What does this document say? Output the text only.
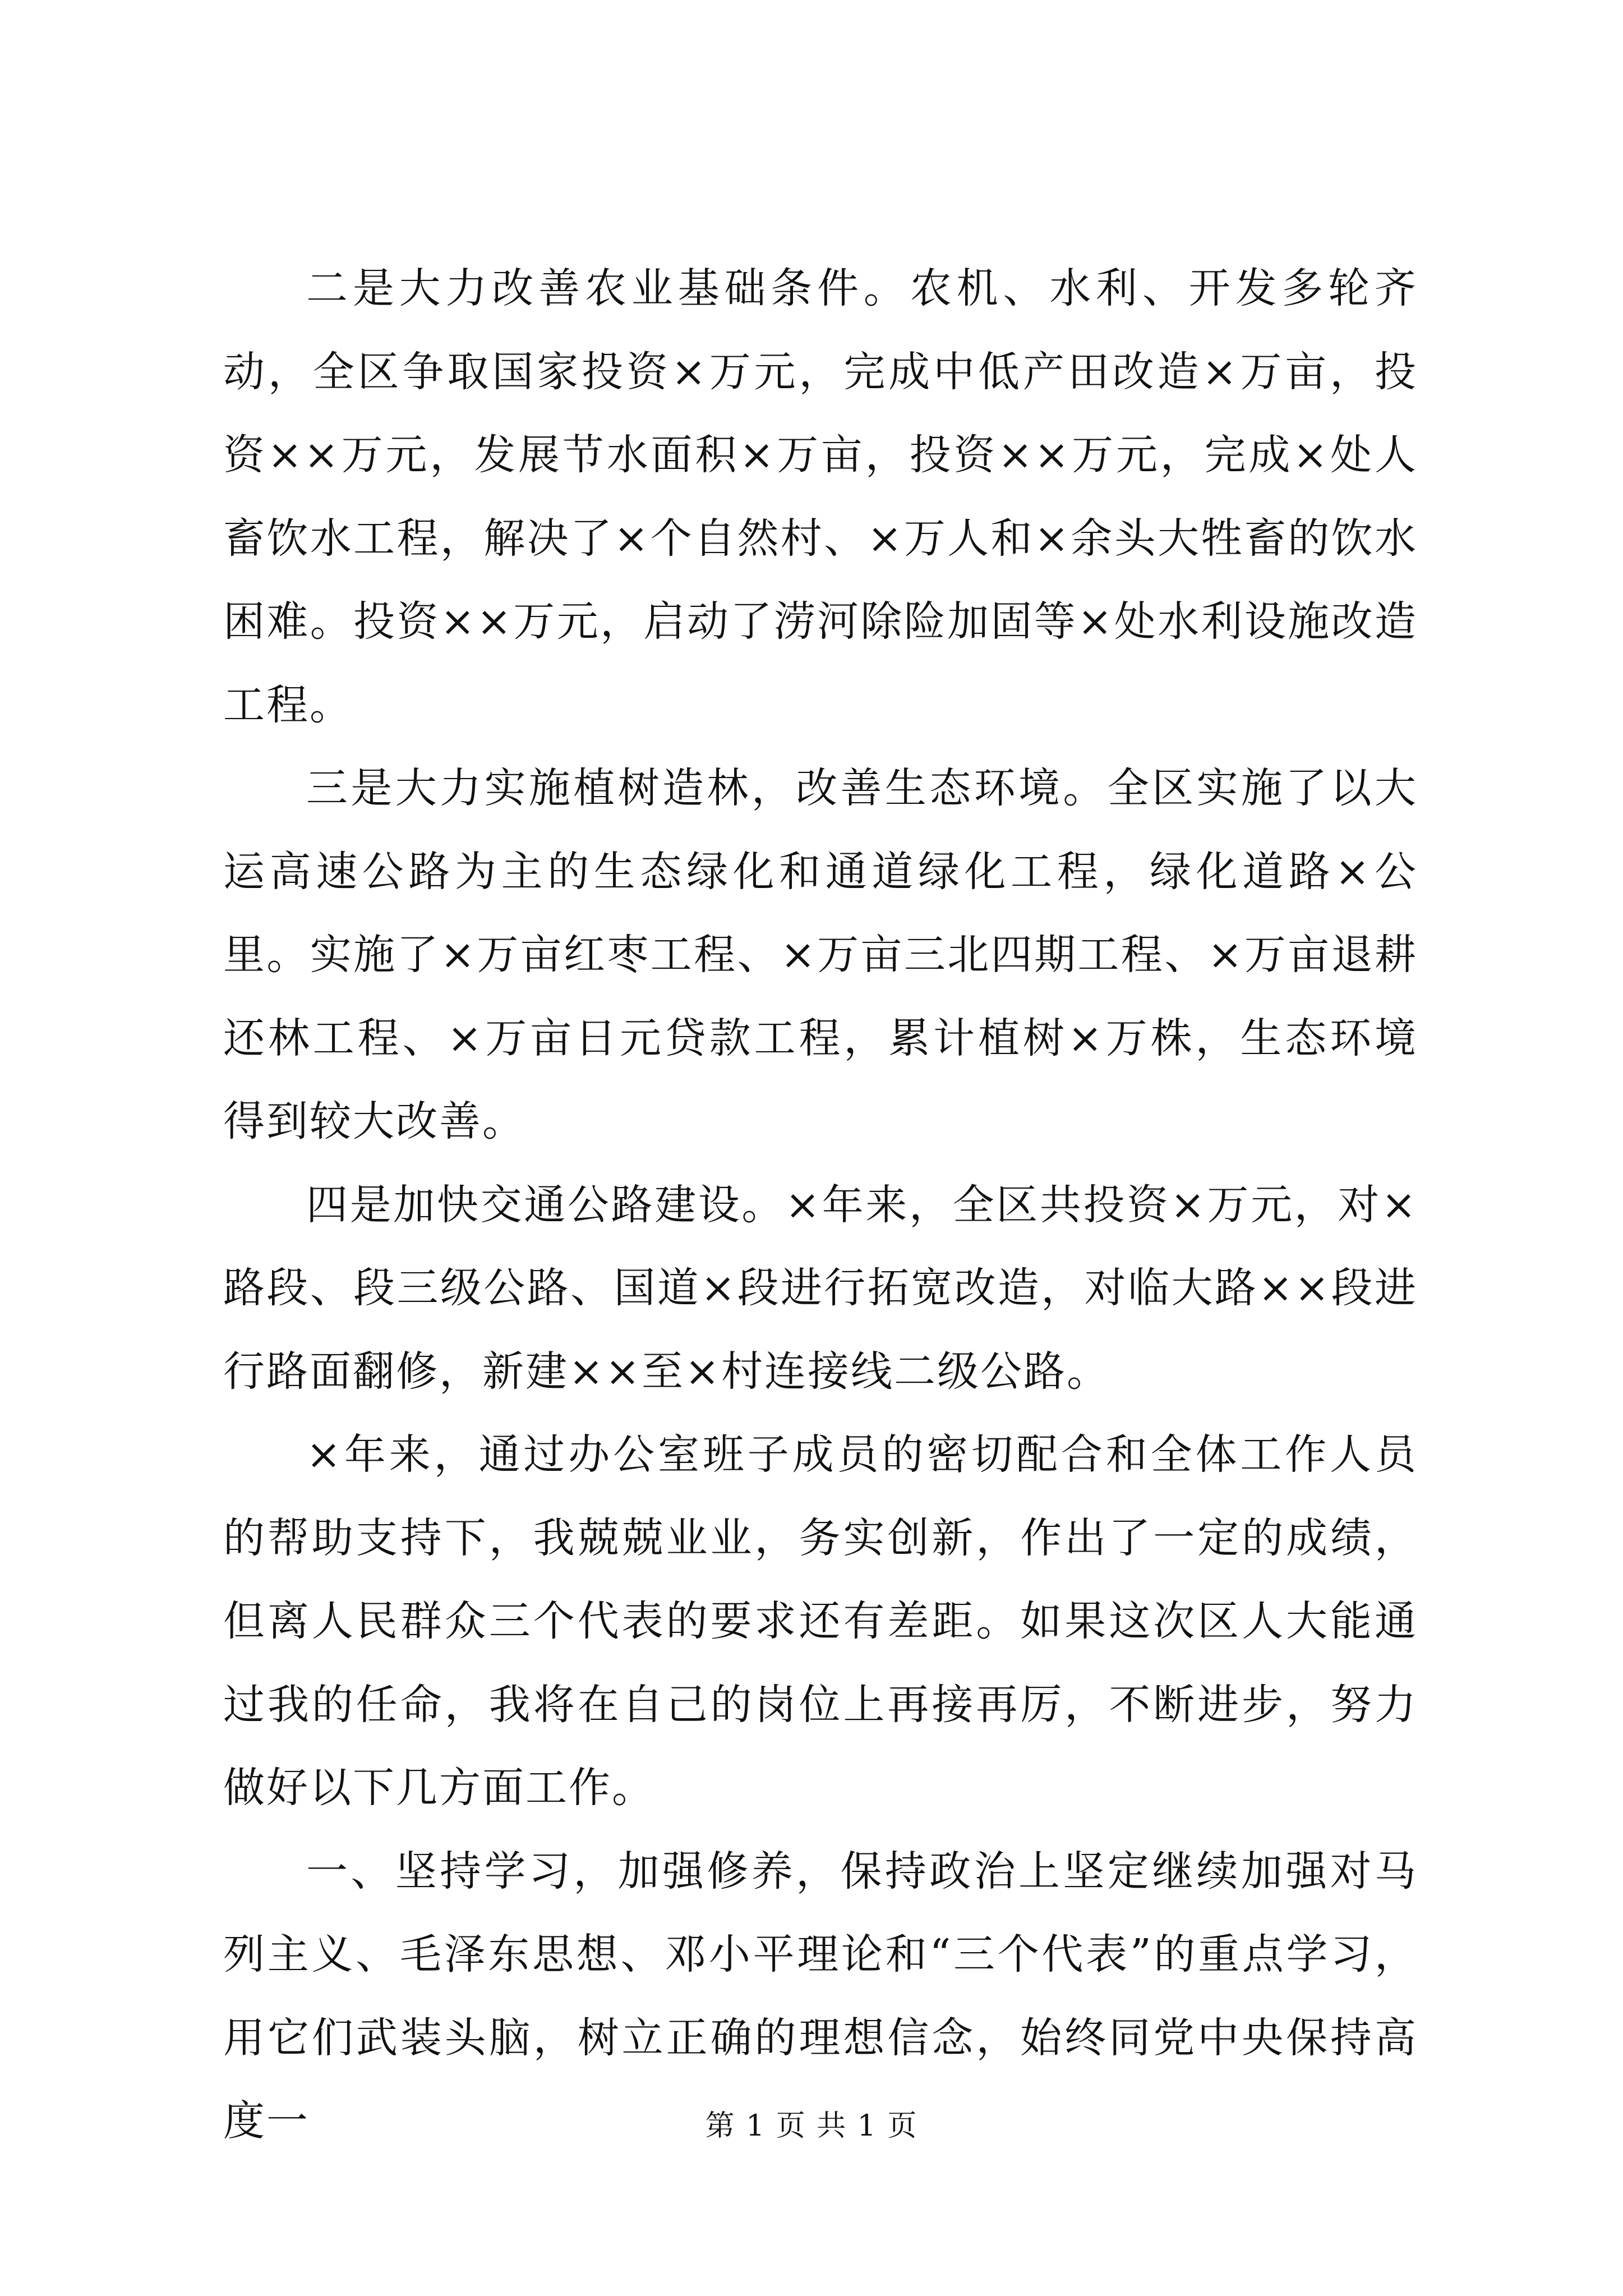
二是大力改善农业基础条件。农机、水利、开发多轮齐动，全区争取国家投资×万元，完成中低产田改造×万亩，投资××万元，发展节水面积×万亩，投资××万元，完成×处人畜饮水工程，解决了×个自然村、×万人和×余头大牲畜的饮水困难。投资××万元，启动了涝河除险加固等×处水利设施改造工程。

三是大力实施植树造林，改善生态环境。全区实施了以大运高速公路为主的生态绿化和通道绿化工程，绿化道路×公里。实施了×万亩红枣工程、×万亩三北四期工程、×万亩退耕还林工程、×万亩日元贷款工程，累计植树×万株，生态环境得到较大改善。

四是加快交通公路建设。×年来，全区共投资×万元，对×路段、段三级公路、国道×段进行拓宽改造，对临大路××段进行路面翻修，新建××至×村连接线二级公路。

×年来，通过办公室班子成员的密切配合和全体工作人员的帮助支持下，我兢兢业业，务实创新，作出了一定的成绩，但离人民群众三个代表的要求还有差距。如果这次区人大能通过我的任命，我将在自己的岗位上再接再厉，不断进步，努力做好以下几方面工作。

一、坚持学习，加强修养，保持政治上坚定继续加强对马列主义、毛泽东思想、邓小平理论和“三个代表”的重点学习，用它们武装头脑，树立正确的理想信念，始终同党中央保持高度一	第 1 页 共 1 页
